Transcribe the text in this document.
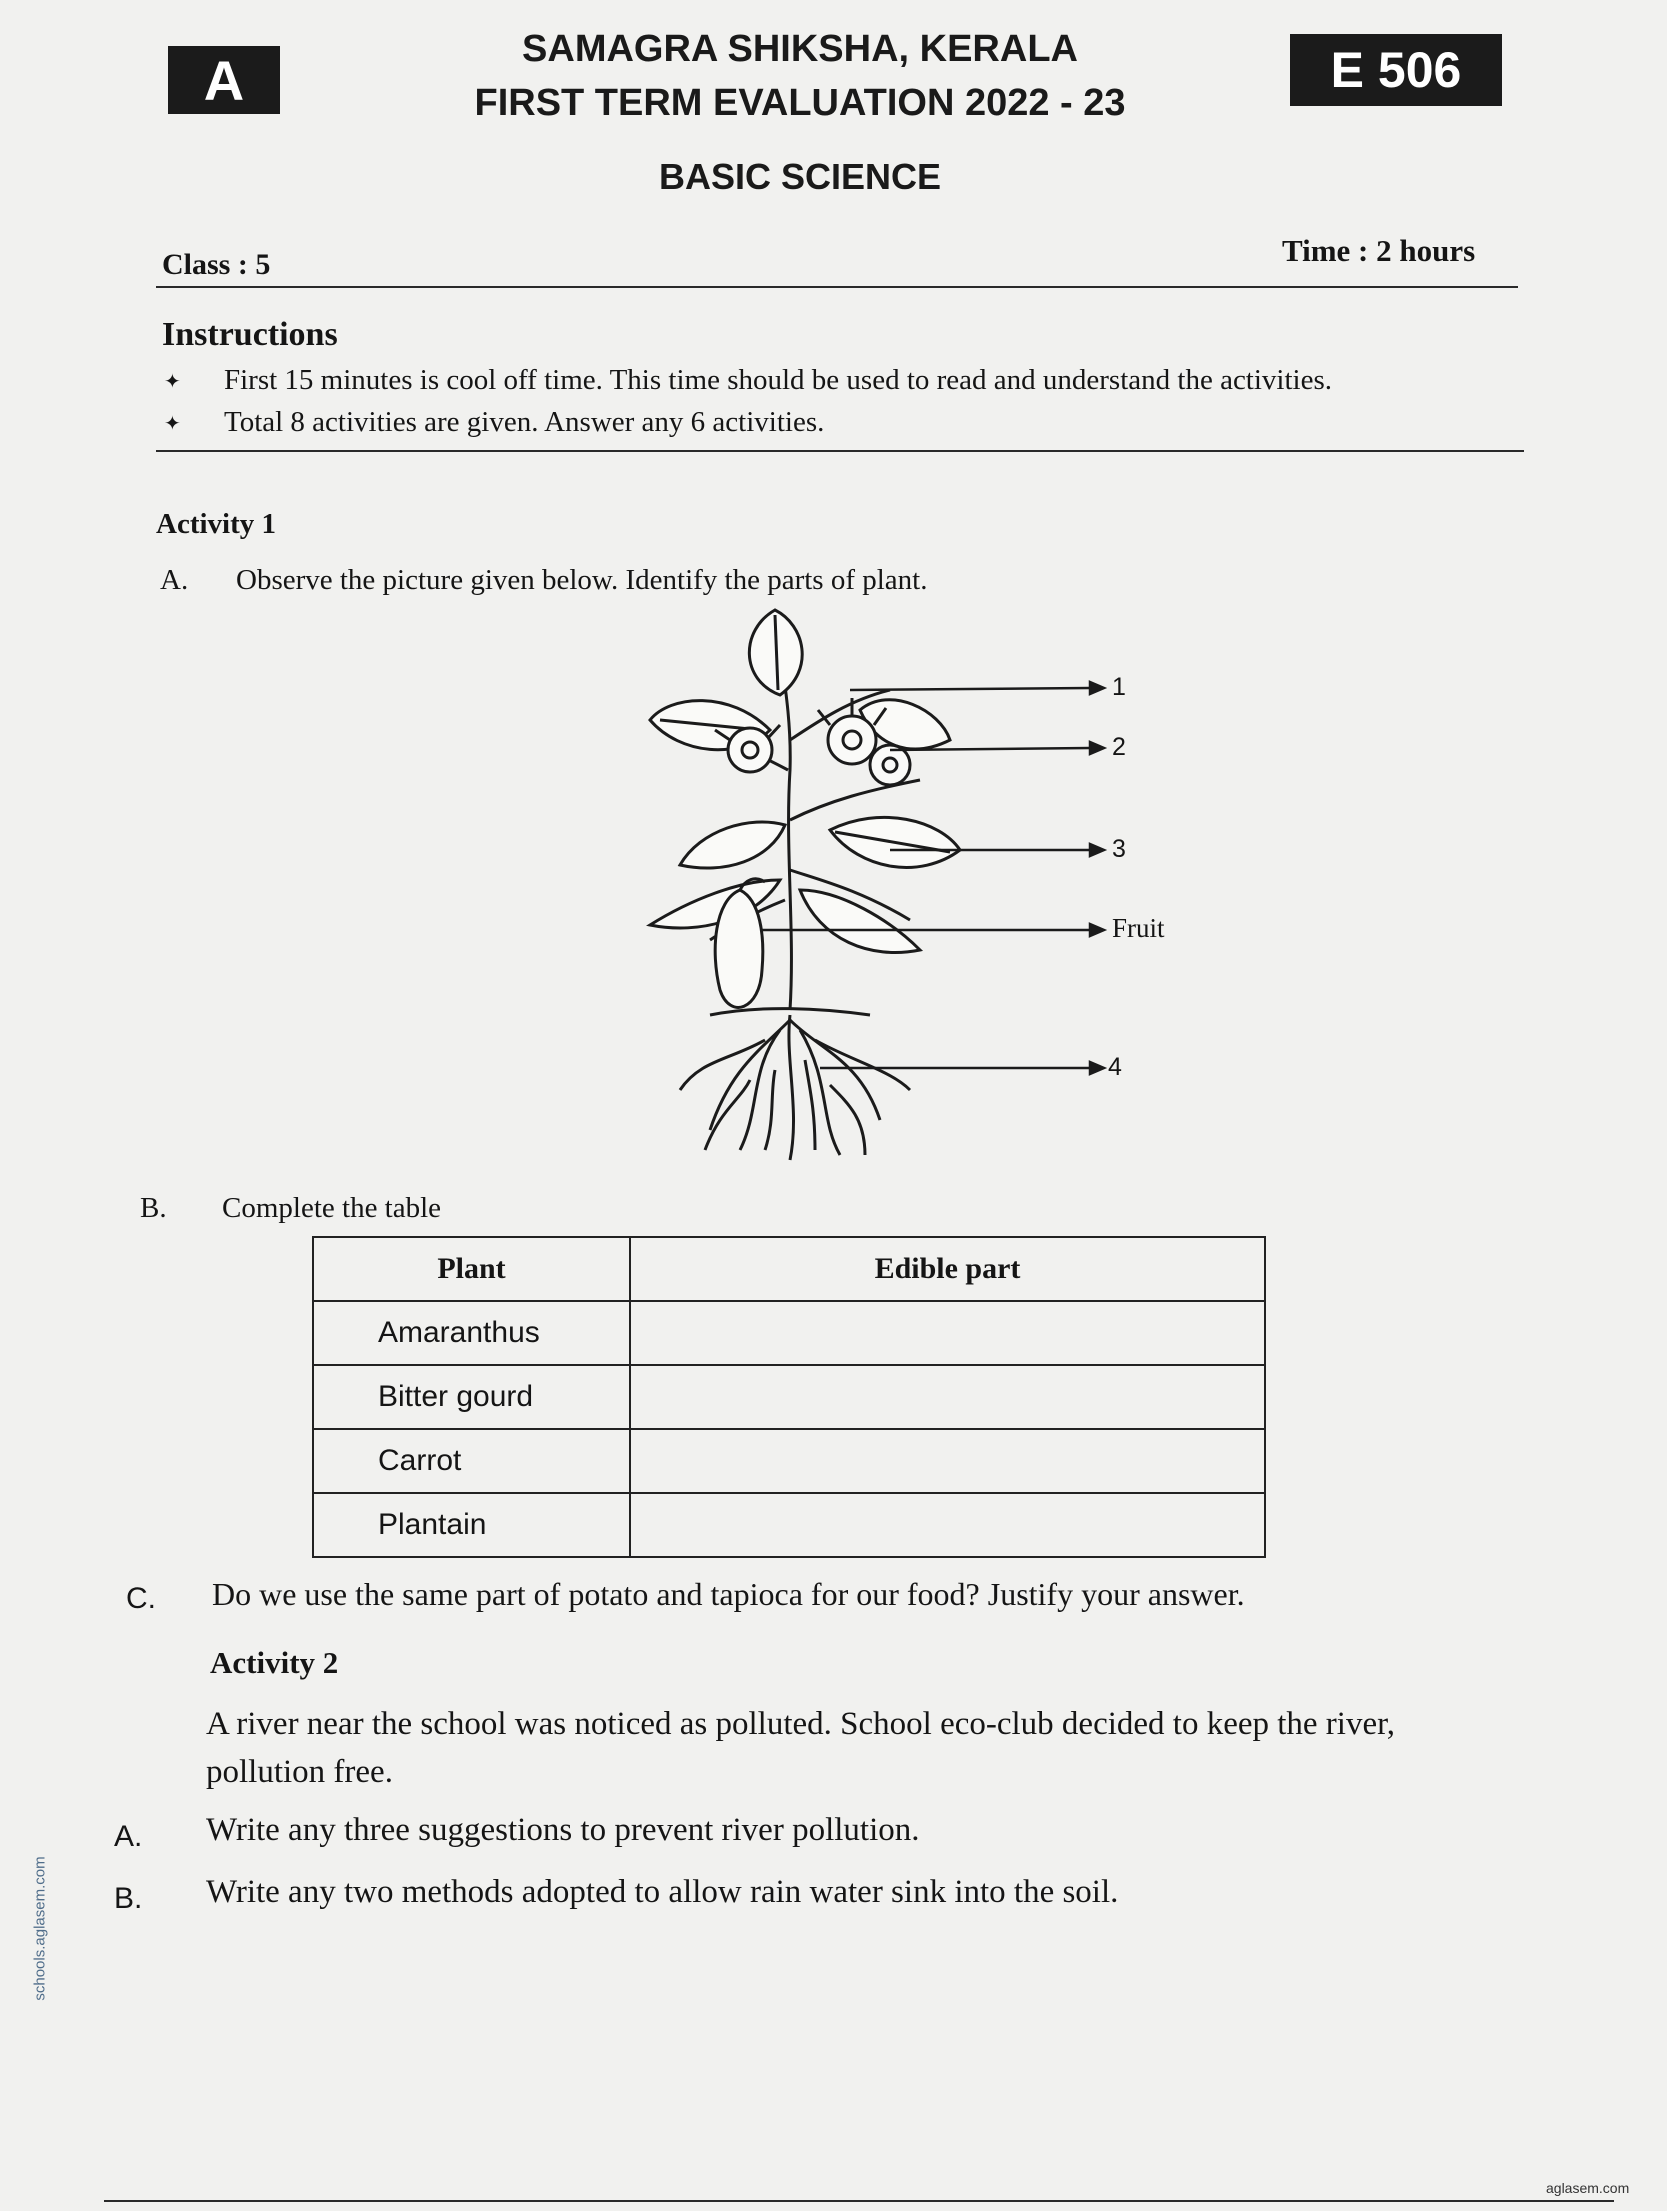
A	SAMAGRA SHIKSHA, KERALA
FIRST TERM EVALUATION 2022 - 23
E 506
BASIC SCIENCE
Class : 5	Time : 2 hours
Instructions
✦ First 15 minutes is cool off time. This time should be used to read and understand the activities.
✦ Total 8 activities are given. Answer any 6 activities.
Activity 1
A. Observe the picture given below. Identify the parts of plant.
1
2
3
Fruit
4
B. Complete the table
Plant	Edible part
Amaranthus	
Bitter gourd	
Carrot	
Plantain	
C. Do we use the same part of potato and tapioca for our food? Justify your answer.
Activity 2
A river near the school was noticed as polluted. School eco-club decided to keep the river,
pollution free.
A. Write any three suggestions to prevent river pollution.
B. Write any two methods adopted to allow rain water sink into the soil.
schools.aglasem.com
aglasem.com
